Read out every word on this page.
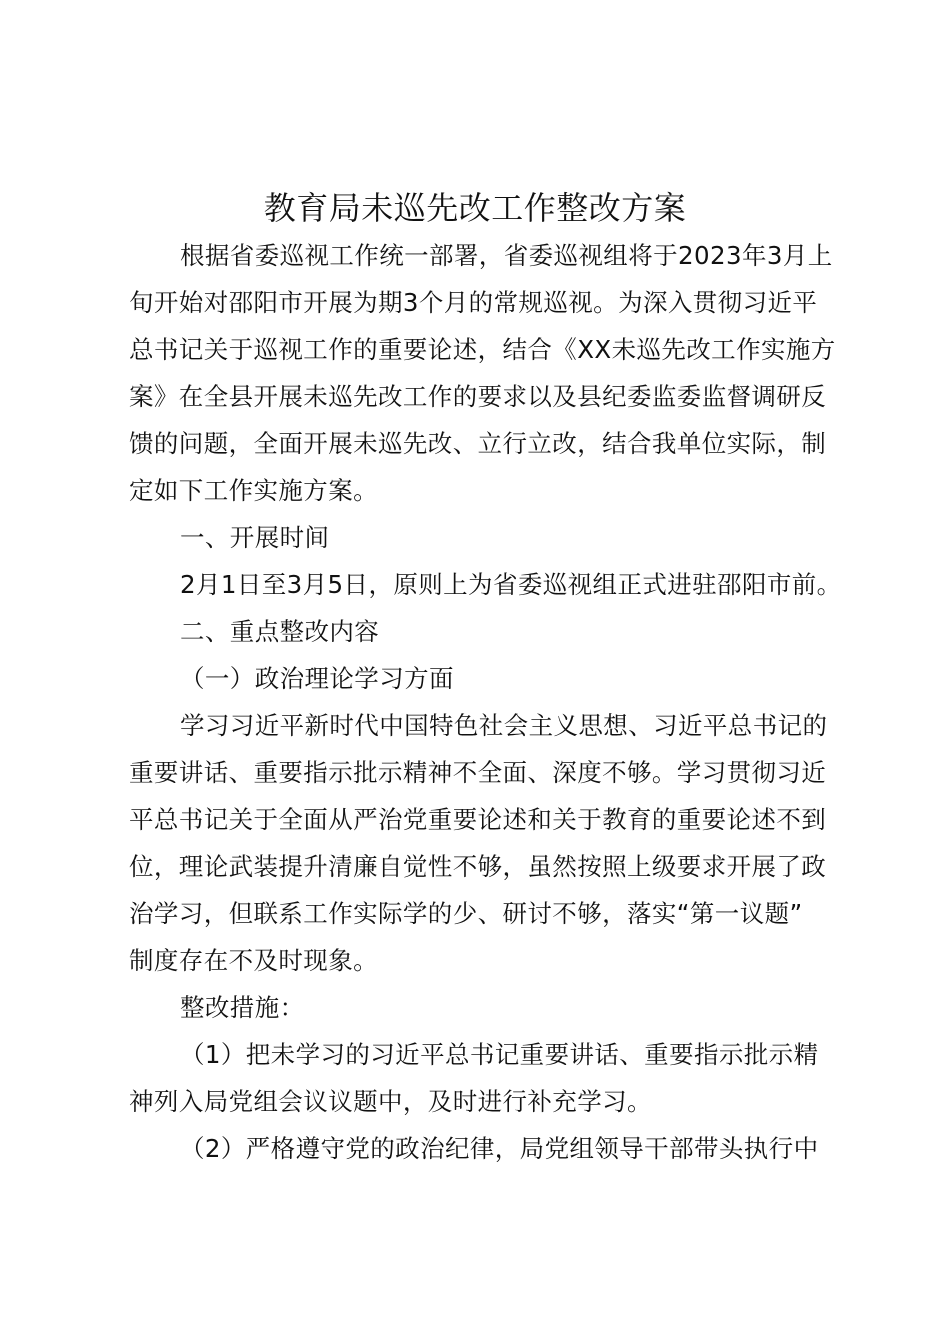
教育局未巡先改工作整改方案
根据省委巡视工作统一部署，省委巡视组将于2023年3月上
旬开始对邵阳市开展为期3个月的常规巡视。为深入贯彻习近平
总书记关于巡视工作的重要论述，结合《XX未巡先改工作实施方
案》在全县开展未巡先改工作的要求以及县纪委监委监督调研反
馈的问题，全面开展未巡先改、立行立改，结合我单位实际，制
定如下工作实施方案。
一、开展时间
2月1日至3月5日，原则上为省委巡视组正式进驻邵阳市前。
二、重点整改内容
（一）政治理论学习方面
学习习近平新时代中国特色社会主义思想、习近平总书记的
重要讲话、重要指示批示精神不全面、深度不够。学习贯彻习近
平总书记关于全面从严治党重要论述和关于教育的重要论述不到
位，理论武装提升清廉自觉性不够，虽然按照上级要求开展了政
治学习，但联系工作实际学的少、研讨不够，落实“第一议题”
制度存在不及时现象。
整改措施：
（1）把未学习的习近平总书记重要讲话、重要指示批示精
神列入局党组会议议题中，及时进行补充学习。
（2）严格遵守党的政治纪律，局党组领导干部带头执行中
